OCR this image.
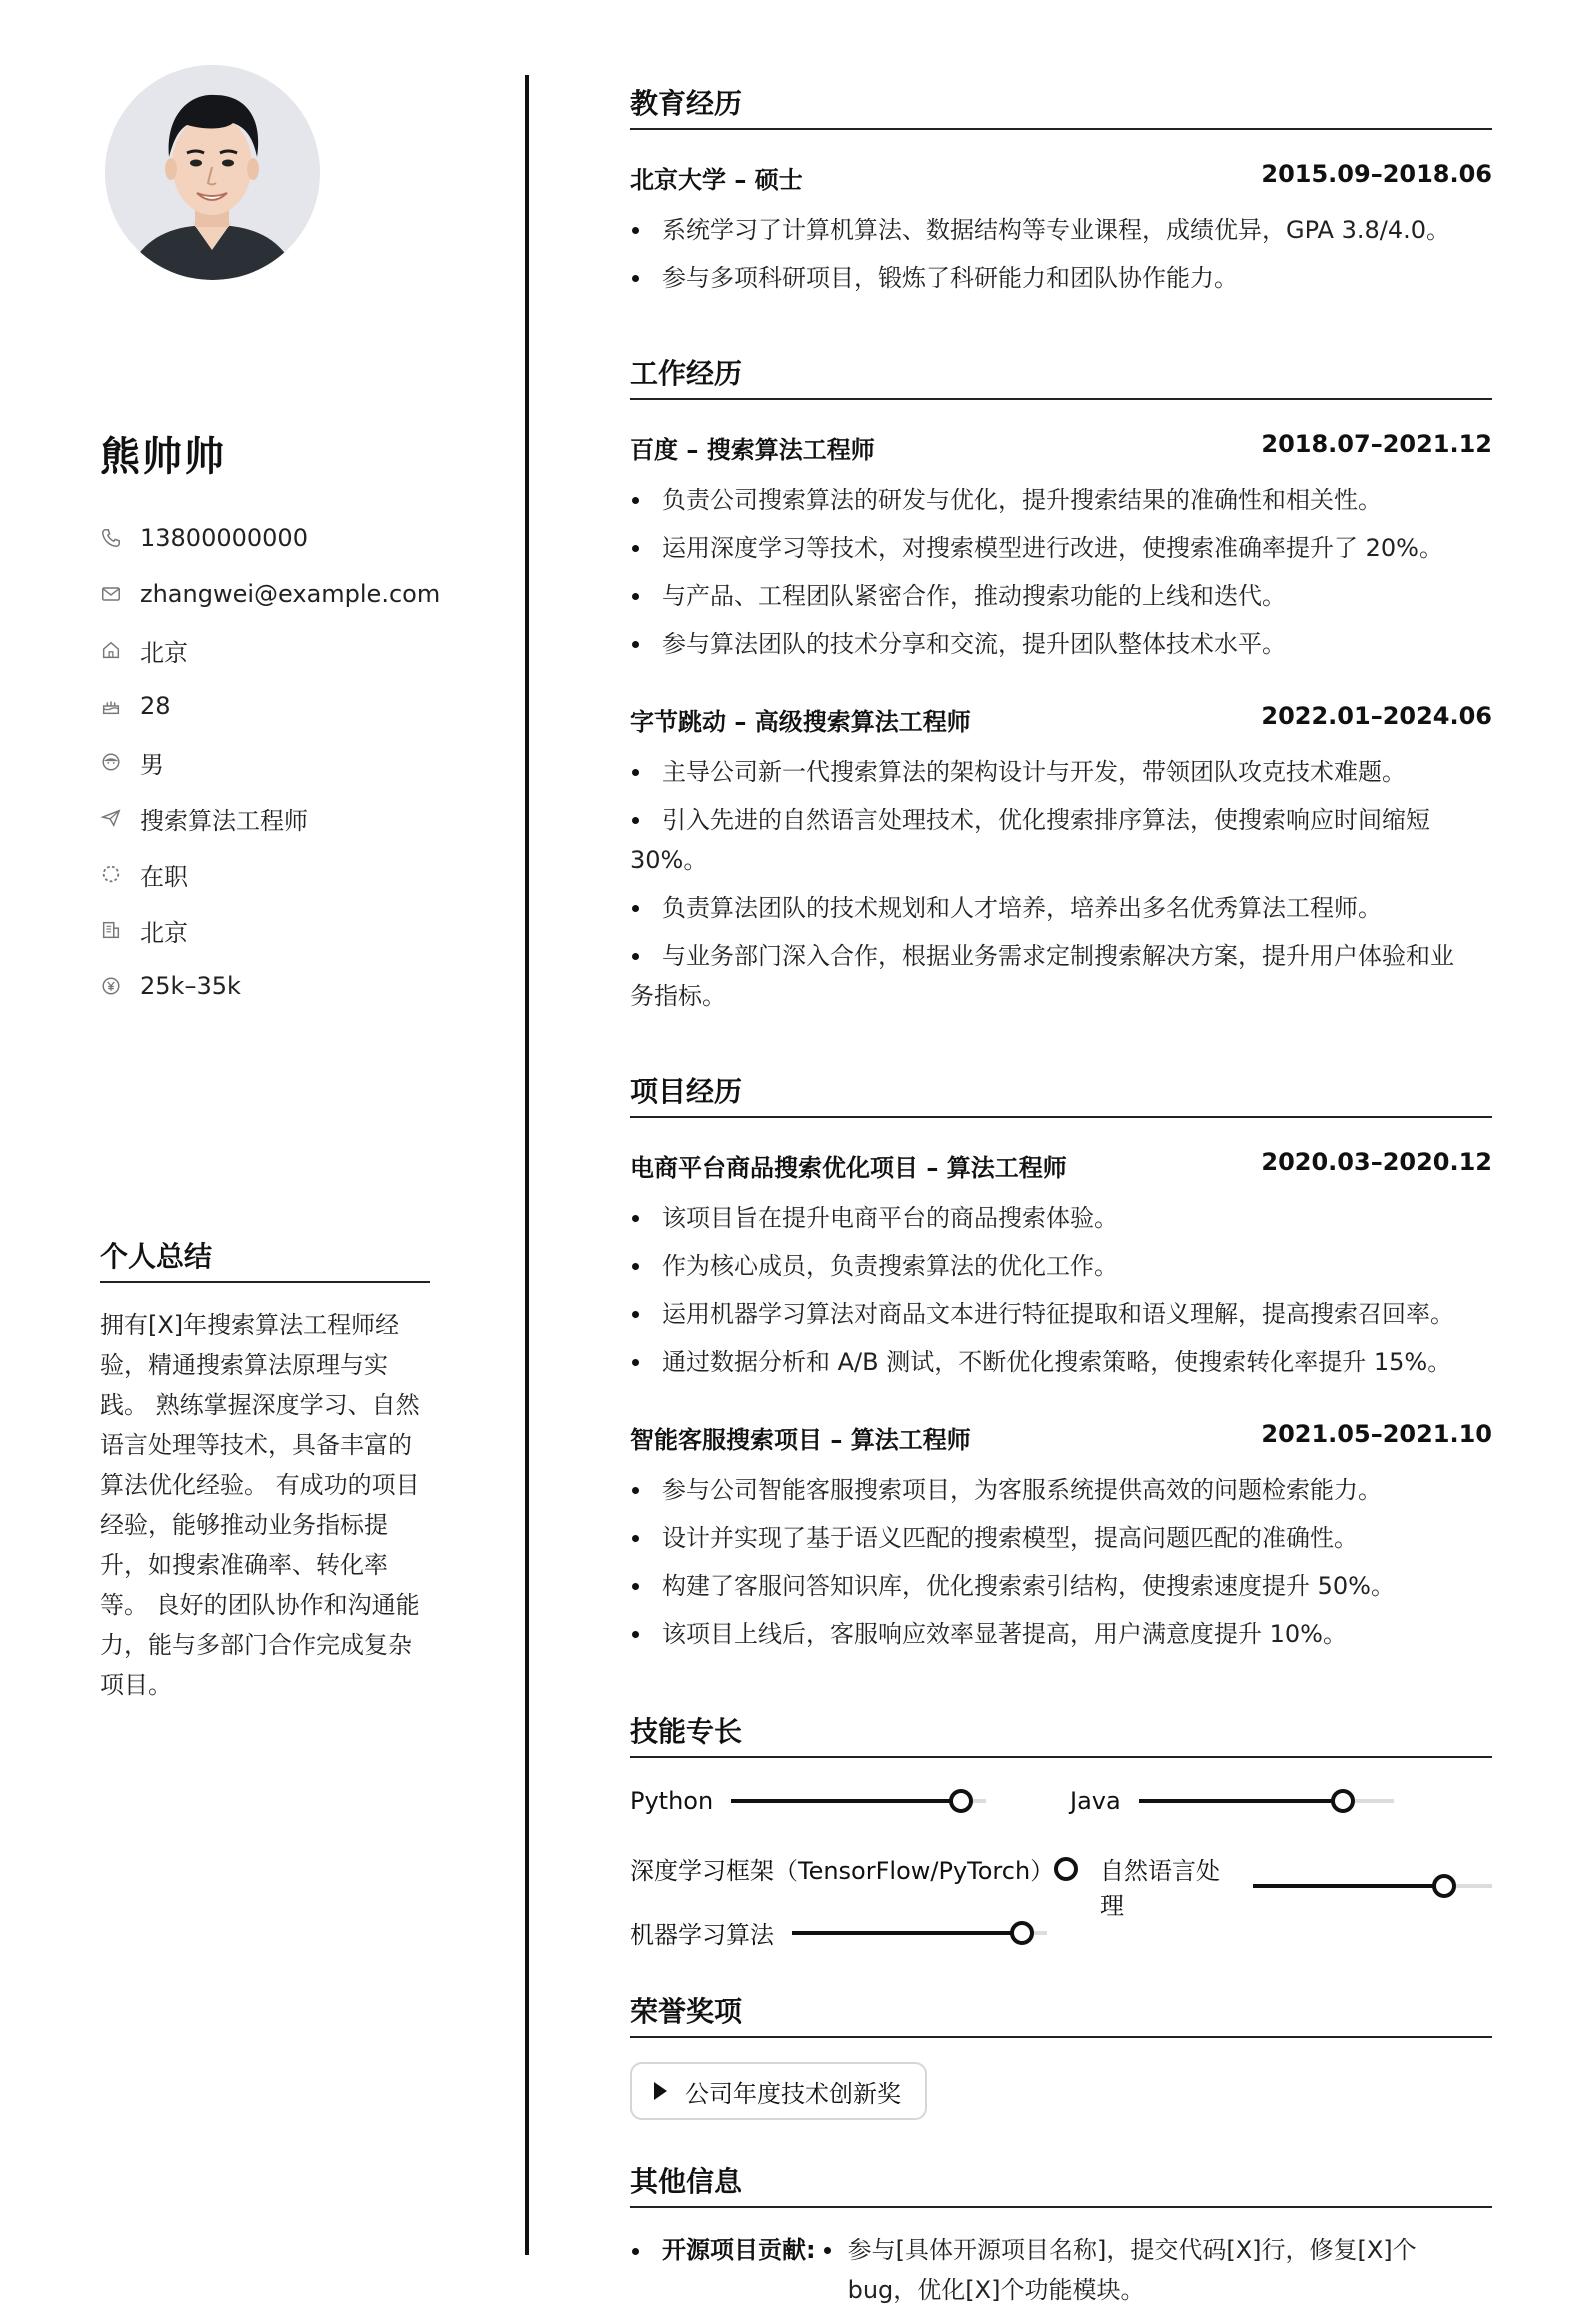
熊帅帅
13800000000
zhangwei@example.com
北京
28
男
搜索算法工程师
在职
北京
25k–35k
个人总结
拥有[X]年搜索算法工程师经验，精通搜索算法原理与实践。 熟练掌握深度学习、自然语言处理等技术，具备丰富的算法优化经验。 有成功的项目经验，能够推动业务指标提升，如搜索准确率、转化率等。 良好的团队协作和沟通能力，能与多部门合作完成复杂项目。
教育经历
北京大学 – 硕士	2015.09–2018.06
系统学习了计算机算法、数据结构等专业课程，成绩优异，GPA 3.8/4.0。
参与多项科研项目，锻炼了科研能力和团队协作能力。
工作经历
百度 – 搜索算法工程师	2018.07–2021.12
负责公司搜索算法的研发与优化，提升搜索结果的准确性和相关性。
运用深度学习等技术，对搜索模型进行改进，使搜索准确率提升了 20%。
与产品、工程团队紧密合作，推动搜索功能的上线和迭代。
参与算法团队的技术分享和交流，提升团队整体技术水平。
字节跳动 – 高级搜索算法工程师	2022.01–2024.06
主导公司新一代搜索算法的架构设计与开发，带领团队攻克技术难题。
引入先进的自然语言处理技术，优化搜索排序算法，使搜索响应时间缩短 30%。
负责算法团队的技术规划和人才培养，培养出多名优秀算法工程师。
与业务部门深入合作，根据业务需求定制搜索解决方案，提升用户体验和业务指标。
项目经历
电商平台商品搜索优化项目 – 算法工程师	2020.03–2020.12
该项目旨在提升电商平台的商品搜索体验。
作为核心成员，负责搜索算法的优化工作。
运用机器学习算法对商品文本进行特征提取和语义理解，提高搜索召回率。
通过数据分析和 A/B 测试，不断优化搜索策略，使搜索转化率提升 15%。
智能客服搜索项目 – 算法工程师	2021.05–2021.10
参与公司智能客服搜索项目，为客服系统提供高效的问题检索能力。
设计并实现了基于语义匹配的搜索模型，提高问题匹配的准确性。
构建了客服问答知识库，优化搜索索引结构，使搜索速度提升 50%。
该项目上线后，客服响应效率显著提高，用户满意度提升 10%。
技能专长
Python	Java
深度学习框架（TensorFlow/PyTorch） 自然语言处理
机器学习算法
荣誉奖项
公司年度技术创新奖
其他信息
开源项目贡献:	参与[具体开源项目名称]，提交代码[X]行，修复[X]个bug，优化[X]个功能模块。
